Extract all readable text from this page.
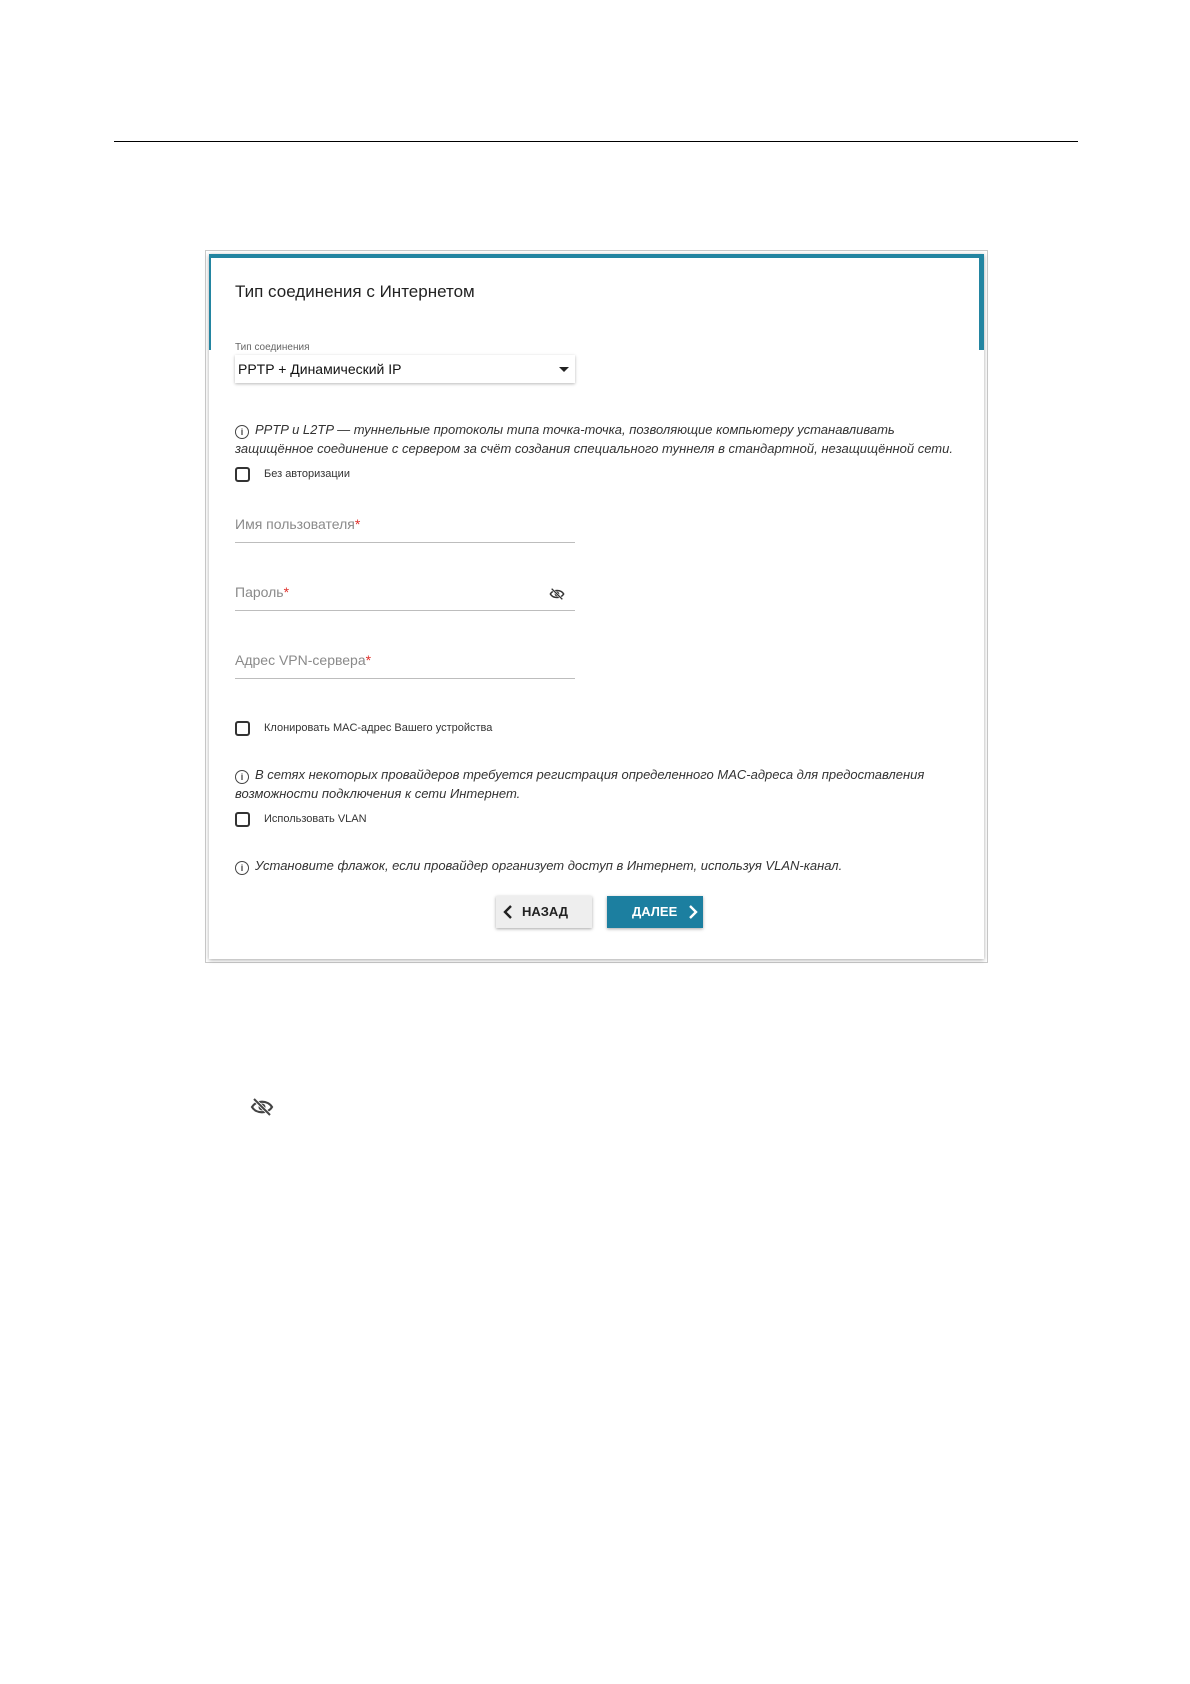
Тип соединения с Интернетом
Тип соединения
PPTP + Динамический IP
i PPTP и L2TP — туннельные протоколы типа точка-точка, позволяющие компьютеру устанавливать
защищённое соединение с сервером за счёт создания специального туннеля в стандартной, незащищённой сети.
Без авторизации
Имя пользователя*
Пароль*
Адрес VPN-сервера*
Клонировать MAC-адрес Вашего устройства
i В сетях некоторых провайдеров требуется регистрация определенного MAC-адреса для предоставления
возможности подключения к сети Интернет.
Использовать VLAN
i Установите флажок, если провайдер организует доступ в Интернет, используя VLAN-канал.
НАЗАД	ДАЛЕЕ
